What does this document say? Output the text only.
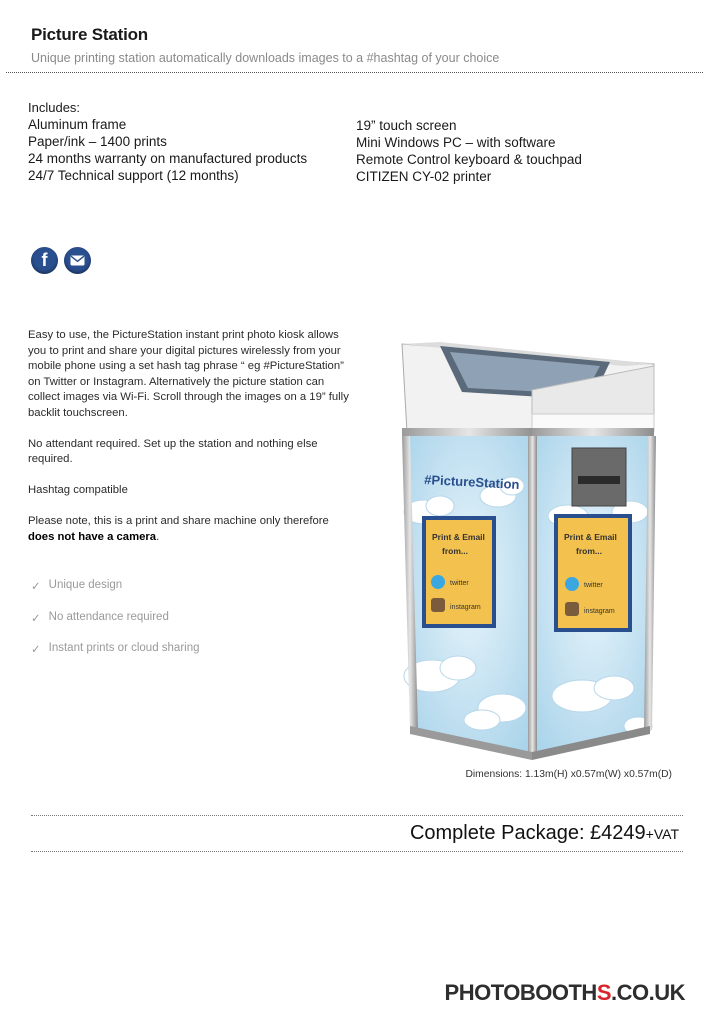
Picture Station
Unique printing station automatically downloads images to a #hashtag of your choice
Includes:
Aluminum frame
Paper/ink – 1400 prints
24 months warranty on manufactured products
24/7 Technical support (12 months)
19” touch screen
Mini Windows PC – with software
Remote Control keyboard & touchpad
CITIZEN CY-02 printer
f

Easy to use, the PictureStation instant print photo kiosk allows you to print and share your digital pictures wirelessly from your mobile phone using a set hash tag phrase “ eg #PictureStation” on Twitter or Instagram. Alternatively the picture station can collect images via Wi-Fi. Scroll through the images on a 19” fully backlit touchscreen.

No attendant required. Set up the station and nothing else required.

Hashtag compatible

Please note, this is a print and share machine only therefore does not have a camera.

✓ Unique design
✓ No attendance required
✓ Instant prints or cloud sharing
#PictureStation
Print & Email
from...
twitter
instagram
Print & Email
from...
twitter
instagram
Dimensions: 1.13m(H) x0.57m(W) x0.57m(D)
Complete Package: £4249+VAT
PHOTOBOOTHS.CO.UK
